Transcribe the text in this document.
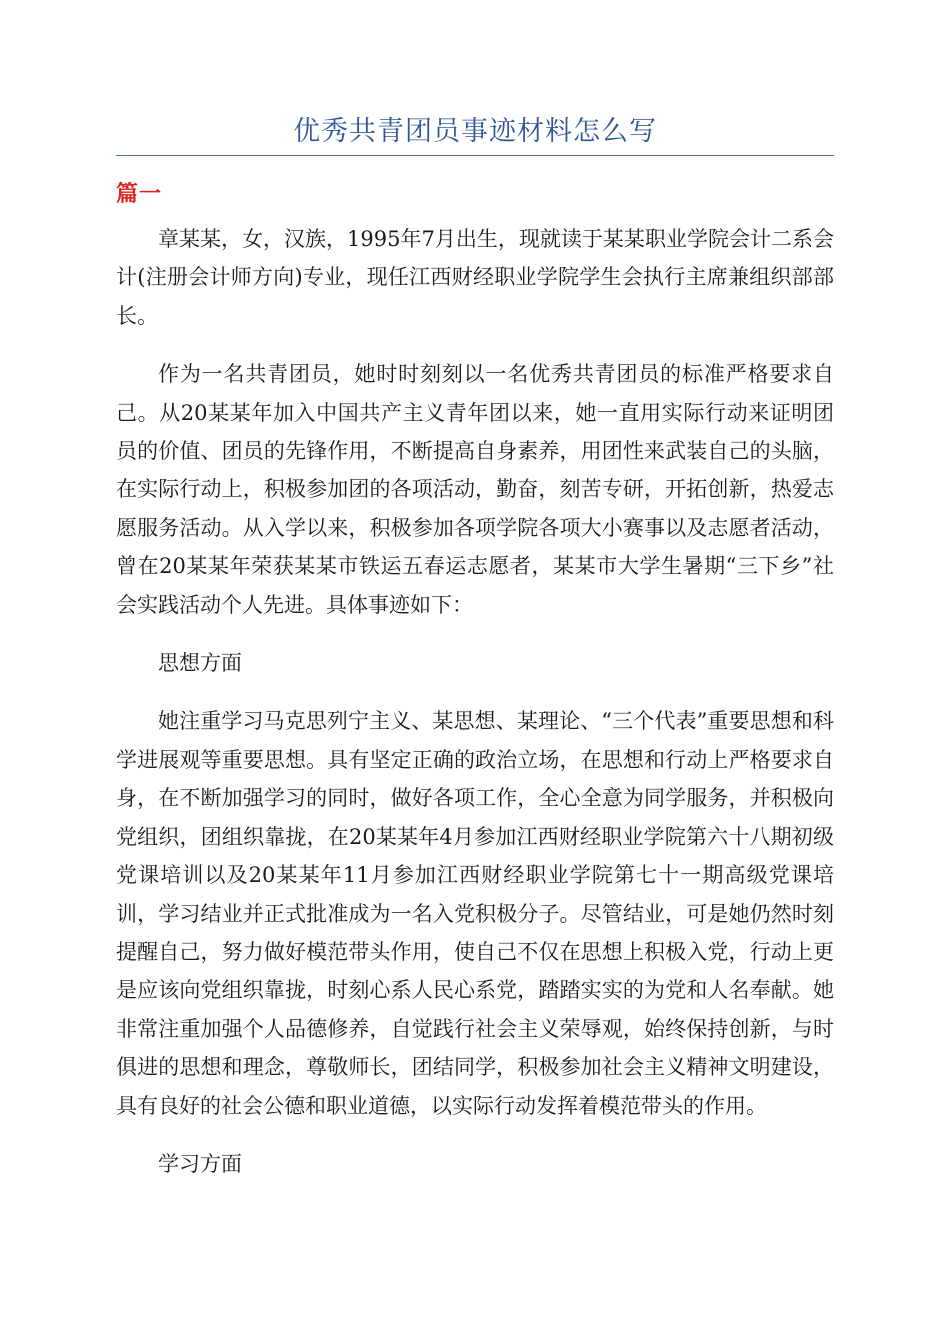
优秀共青团员事迹材料怎么写
篇一

章某某，女，汉族，1995年7月出生，现就读于某某职业学院会计二系会计(注册会计师方向)专业，现任江西财经职业学院学生会执行主席兼组织部部长。

作为一名共青团员，她时时刻刻以一名优秀共青团员的标准严格要求自己。从20某某年加入中国共产主义青年团以来，她一直用实际行动来证明团员的价值、团员的先锋作用，不断提高自身素养，用团性来武装自己的头脑，在实际行动上，积极参加团的各项活动，勤奋，刻苦专研，开拓创新，热爱志愿服务活动。从入学以来，积极参加各项学院各项大小赛事以及志愿者活动，曾在20某某年荣获某某市铁运五春运志愿者，某某市大学生暑期“三下乡”社会实践活动个人先进。具体事迹如下：

思想方面

她注重学习马克思列宁主义、某思想、某理论、“三个代表”重要思想和科学进展观等重要思想。具有坚定正确的政治立场，在思想和行动上严格要求自身，在不断加强学习的同时，做好各项工作，全心全意为同学服务，并积极向党组织，团组织靠拢，在20某某年4月参加江西财经职业学院第六十八期初级党课培训以及20某某年11月参加江西财经职业学院第七十一期高级党课培训，学习结业并正式批准成为一名入党积极分子。尽管结业，可是她仍然时刻提醒自己，努力做好模范带头作用，使自己不仅在思想上积极入党，行动上更是应该向党组织靠拢，时刻心系人民心系党，踏踏实实的为党和人名奉献。她非常注重加强个人品德修养，自觉践行社会主义荣辱观，始终保持创新，与时俱进的思想和理念，尊敬师长，团结同学，积极参加社会主义精神文明建设，具有良好的社会公德和职业道德，以实际行动发挥着模范带头的作用。

学习方面
